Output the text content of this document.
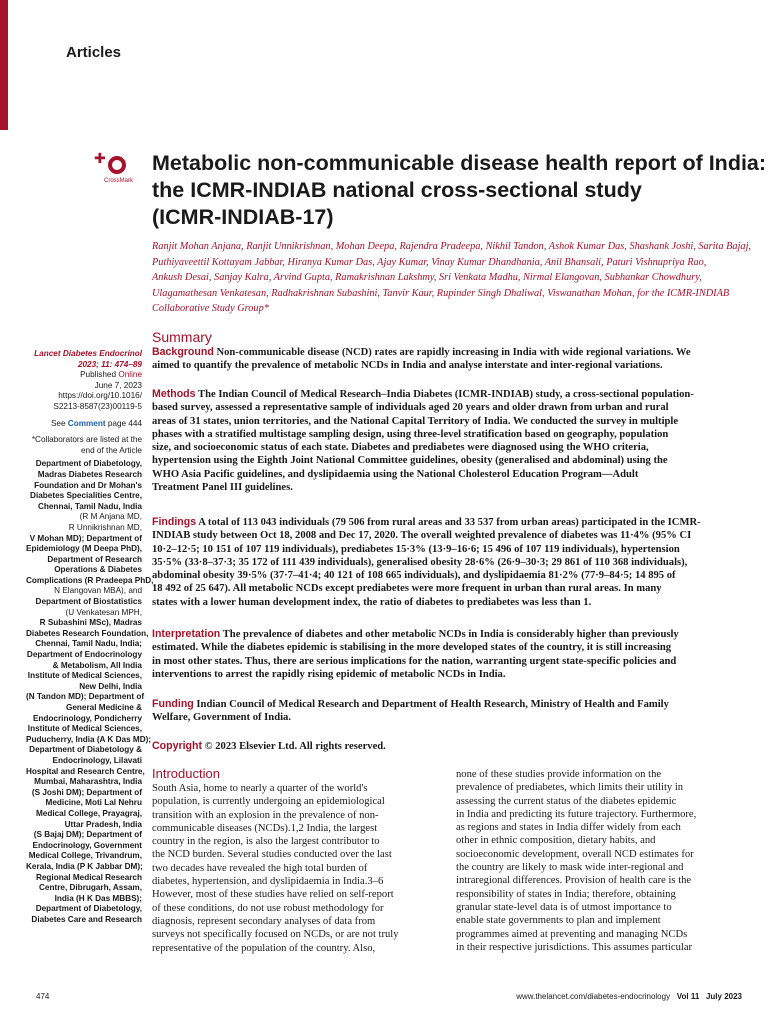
Articles
✚
CrossMark
Metabolic non-communicable disease health report of India:
the ICMR-INDIAB national cross-sectional study
(ICMR-INDIAB-17)
Ranjit Mohan Anjana, Ranjit Unnikrishnan, Mohan Deepa, Rajendra Pradeepa, Nikhil Tandon, Ashok Kumar Das, Shashank Joshi, Sarita Bajaj,
Puthiyaveettil Kottayam Jabbar, Hiranya Kumar Das, Ajay Kumar, Vinay Kumar Dhandhania, Anil Bhansali, Paturi Vishnupriya Rao,
Ankush Desai, Sanjay Kalra, Arvind Gupta, Ramakrishnan Lakshmy, Sri Venkata Madhu, Nirmal Elangovan, Subhankar Chowdhury,
Ulagamathesan Venkatesan, Radhakrishnan Subashini, Tanvir Kaur, Rupinder Singh Dhaliwal, Viswanathan Mohan, for the ICMR-INDIAB
Collaborative Study Group*
Lancet Diabetes Endocrinol
2023; 11: 474–89
Published Online
June 7, 2023
https://doi.org/10.1016/
S2213-8587(23)00119-5
See Comment page 444
*Collaborators are listed at the
end of the Article
Department of Diabetology,
Madras Diabetes Research
Foundation and Dr Mohan's
Diabetes Specialities Centre,
Chennai, Tamil Nadu, India
(R M Anjana MD,
R Unnikrishnan MD,
V Mohan MD); Department of
Epidemiology (M Deepa PhD),
Department of Research
Operations & Diabetes
Complications (R Pradeepa PhD,
N Elangovan MBA), and
Department of Biostatistics
(U Venkatesan MPH,
R Subashini MSc), Madras
Diabetes Research Foundation,
Chennai, Tamil Nadu, India;
Department of Endocrinology
& Metabolism, All India
Institute of Medical Sciences,
New Delhi, India
(N Tandon MD); Department of
General Medicine &
Endocrinology, Pondicherry
Institute of Medical Sciences,
Puducherry, India (A K Das MD);
Department of Diabetology &
Endocrinology, Lilavati
Hospital and Research Centre,
Mumbai, Maharashtra, India
(S Joshi DM); Department of
Medicine, Moti Lal Nehru
Medical College, Prayagraj,
Uttar Pradesh, India
(S Bajaj DM); Department of
Endocrinology, Government
Medical College, Trivandrum,
Kerala, India (P K Jabbar DM);
Regional Medical Research
Centre, Dibrugarh, Assam,
India (H K Das MBBS);
Department of Diabetology,
Diabetes Care and Research
Summary
Background Non-communicable disease (NCD) rates are rapidly increasing in India with wide regional variations. We
aimed to quantify the prevalence of metabolic NCDs in India and analyse interstate and inter-regional variations.
Methods The Indian Council of Medical Research–India Diabetes (ICMR-INDIAB) study, a cross-sectional population-
based survey, assessed a representative sample of individuals aged 20 years and older drawn from urban and rural
areas of 31 states, union territories, and the National Capital Territory of India. We conducted the survey in multiple
phases with a stratified multistage sampling design, using three-level stratification based on geography, population
size, and socioeconomic status of each state. Diabetes and prediabetes were diagnosed using the WHO criteria,
hypertension using the Eighth Joint National Committee guidelines, obesity (generalised and abdominal) using the
WHO Asia Pacific guidelines, and dyslipidaemia using the National Cholesterol Education Program—Adult
Treatment Panel III guidelines.
Findings A total of 113 043 individuals (79 506 from rural areas and 33 537 from urban areas) participated in the ICMR-
INDIAB study between Oct 18, 2008 and Dec 17, 2020. The overall weighted prevalence of diabetes was 11·4% (95% CI
10·2–12·5; 10 151 of 107 119 individuals), prediabetes 15·3% (13·9–16·6; 15 496 of 107 119 individuals), hypertension
35·5% (33·8–37·3; 35 172 of 111 439 individuals), generalised obesity 28·6% (26·9–30·3; 29 861 of 110 368 individuals),
abdominal obesity 39·5% (37·7–41·4; 40 121 of 108 665 individuals), and dyslipidaemia 81·2% (77·9–84·5; 14 895 of
18 492 of 25 647). All metabolic NCDs except prediabetes were more frequent in urban than rural areas. In many
states with a lower human development index, the ratio of diabetes to prediabetes was less than 1.
Interpretation The prevalence of diabetes and other metabolic NCDs in India is considerably higher than previously
estimated. While the diabetes epidemic is stabilising in the more developed states of the country, it is still increasing
in most other states. Thus, there are serious implications for the nation, warranting urgent state-specific policies and
interventions to arrest the rapidly rising epidemic of metabolic NCDs in India.
Funding Indian Council of Medical Research and Department of Health Research, Ministry of Health and Family
Welfare, Government of India.
Copyright © 2023 Elsevier Ltd. All rights reserved.
Introduction
South Asia, home to nearly a quarter of the world's
population, is currently undergoing an epidemiological
transition with an explosion in the prevalence of non-
communicable diseases (NCDs).1,2 India, the largest
country in the region, is also the largest contributor to
the NCD burden. Several studies conducted over the last
two decades have revealed the high total burden of
diabetes, hypertension, and dyslipidaemia in India.3–6
However, most of these studies have relied on self-report
of these conditions, do not use robust methodology for
diagnosis, represent secondary analyses of data from
surveys not specifically focused on NCDs, or are not truly
representative of the population of the country. Also,
none of these studies provide information on the
prevalence of prediabetes, which limits their utility in
assessing the current status of the diabetes epidemic
in India and predicting its future trajectory. Furthermore,
as regions and states in India differ widely from each
other in ethnic composition, dietary habits, and
socioeconomic development, overall NCD estimates for
the country are likely to mask wide inter-regional and
intraregional differences. Provision of health care is the
responsibility of states in India; therefore, obtaining
granular state-level data is of utmost importance to
enable state governments to plan and implement
programmes aimed at preventing and managing NCDs
in their respective jurisdictions. This assumes particular
474	www.thelancet.com/diabetes-endocrinology Vol 11 July 2023
